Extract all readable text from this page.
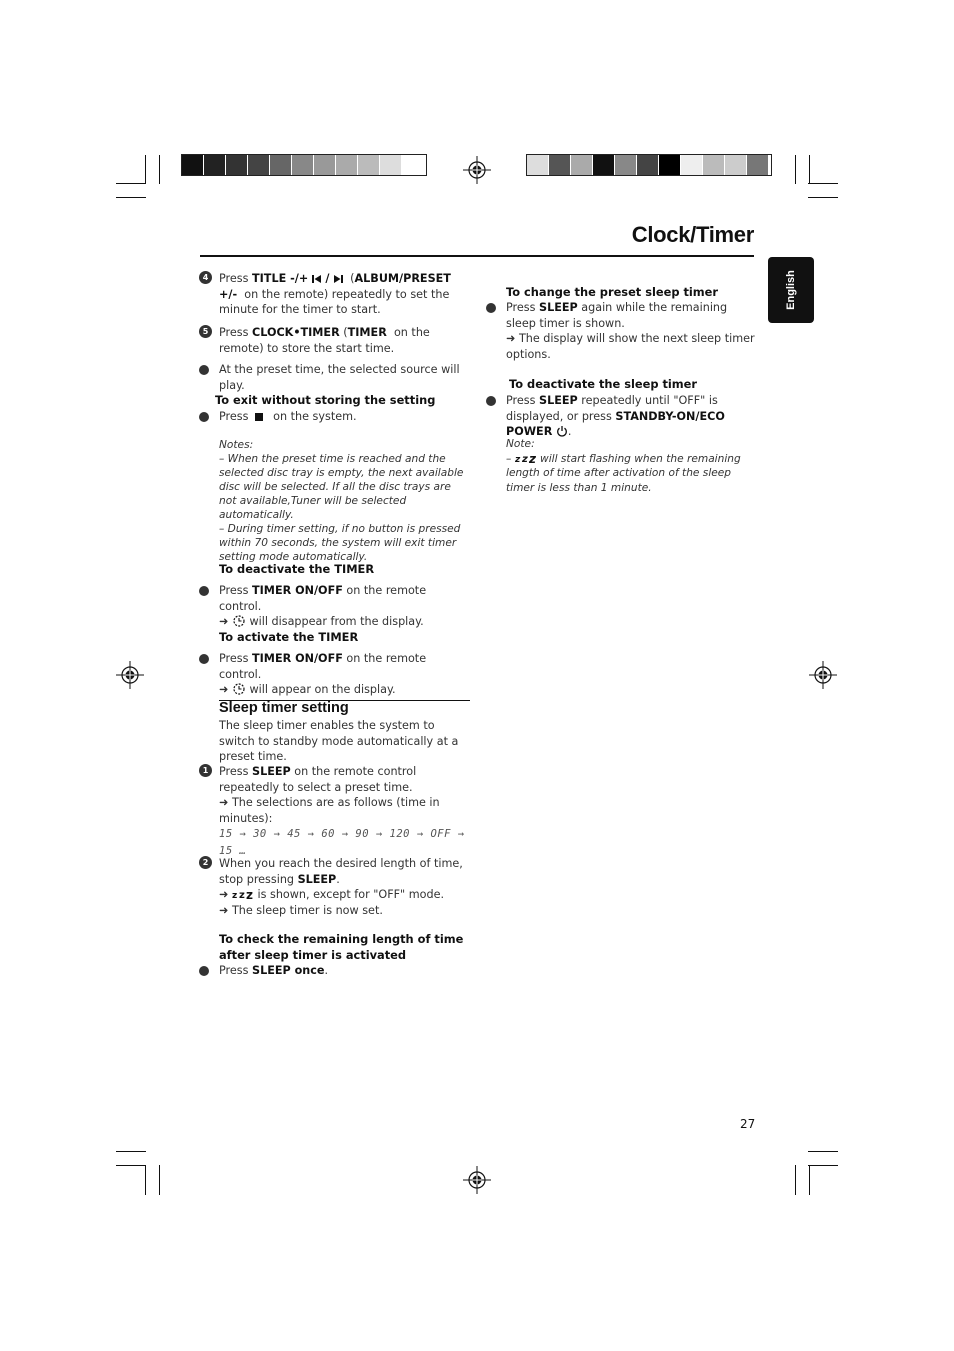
Clock/Timer
English
4 Press TITLE -/+ / (ALBUM/PRESET +/- on the remote) repeatedly to set the minute for the timer to start.
5 Press CLOCK•TIMER (TIMER on the remote) to store the start time.
At the preset time, the selected source will play.
To exit without storing the setting
Press on the system.
Notes:
– When the preset time is reached and the selected disc tray is empty, the next available disc will be selected. If all the disc trays are not available,Tuner will be selected automatically.
– During timer setting, if no button is pressed within 70 seconds, the system will exit timer setting mode automatically.
To deactivate the TIMER
Press TIMER ON/OFF on the remote control.
➜ will disappear from the display.
To activate the TIMER
Press TIMER ON/OFF on the remote control.
➜ will appear on the display.
Sleep timer setting
The sleep timer enables the system to switch to standby mode automatically at a preset time.
1 Press SLEEP on the remote control repeatedly to select a preset time.
➜ The selections are as follows (time in minutes):
15 → 30 → 45 → 60 → 90 → 120 → OFF → 15 …
2 When you reach the desired length of time, stop pressing SLEEP.
➜ z z z is shown, except for "OFF" mode.
➜ The sleep timer is now set.
To check the remaining length of time after sleep timer is activated
Press SLEEP once.
To change the preset sleep timer
Press SLEEP again while the remaining sleep timer is shown.
➜ The display will show the next sleep timer options.
To deactivate the sleep timer
Press SLEEP repeatedly until "OFF" is displayed, or press STANDBY-ON/ECO POWER .
Note:
– z z z will start flashing when the remaining length of time after activation of the sleep timer is less than 1 minute.
27
